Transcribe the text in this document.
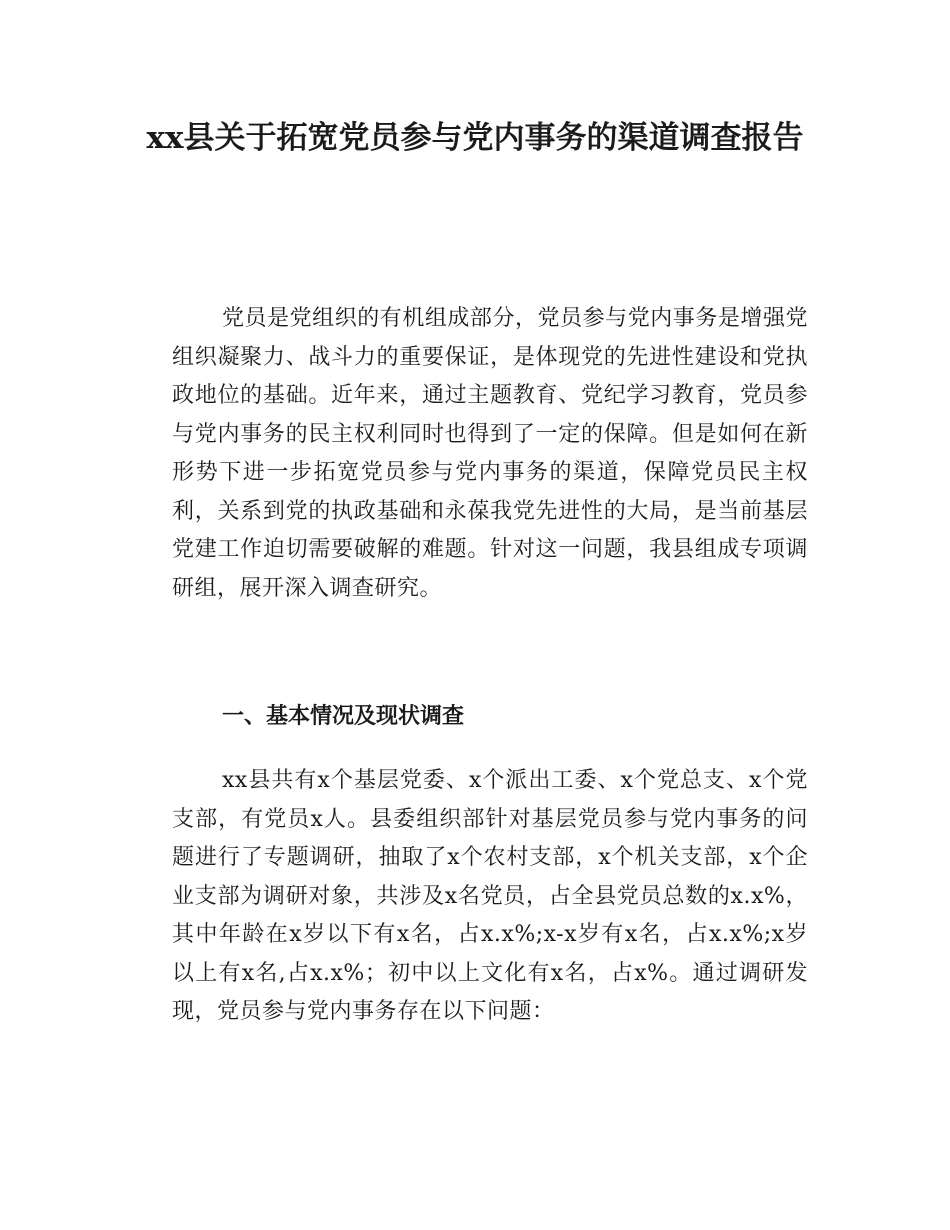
xx县关于拓宽党员参与党内事务的渠道调查报告

党员是党组织的有机组成部分，党员参与党内事务是增强党组织凝聚力、战斗力的重要保证，是体现党的先进性建设和党执政地位的基础。近年来，通过主题教育、党纪学习教育，党员参与党内事务的民主权利同时也得到了一定的保障。但是如何在新形势下进一步拓宽党员参与党内事务的渠道，保障党员民主权利，关系到党的执政基础和永葆我党先进性的大局，是当前基层党建工作迫切需要破解的难题。针对这一问题，我县组成专项调研组，展开深入调查研究。

一、基本情况及现状调查

xx县共有x个基层党委、x个派出工委、x个党总支、x个党支部，有党员x人。县委组织部针对基层党员参与党内事务的问题进行了专题调研，抽取了x个农村支部，x个机关支部，x个企业支部为调研对象，共涉及x名党员，占全县党员总数的x.x%，其中年龄在x岁以下有x名，占x.x%;x-x岁有x名，占x.x%;x岁以上有x名,占x.x%；初中以上文化有x名，占x%。通过调研发现，党员参与党内事务存在以下问题：
